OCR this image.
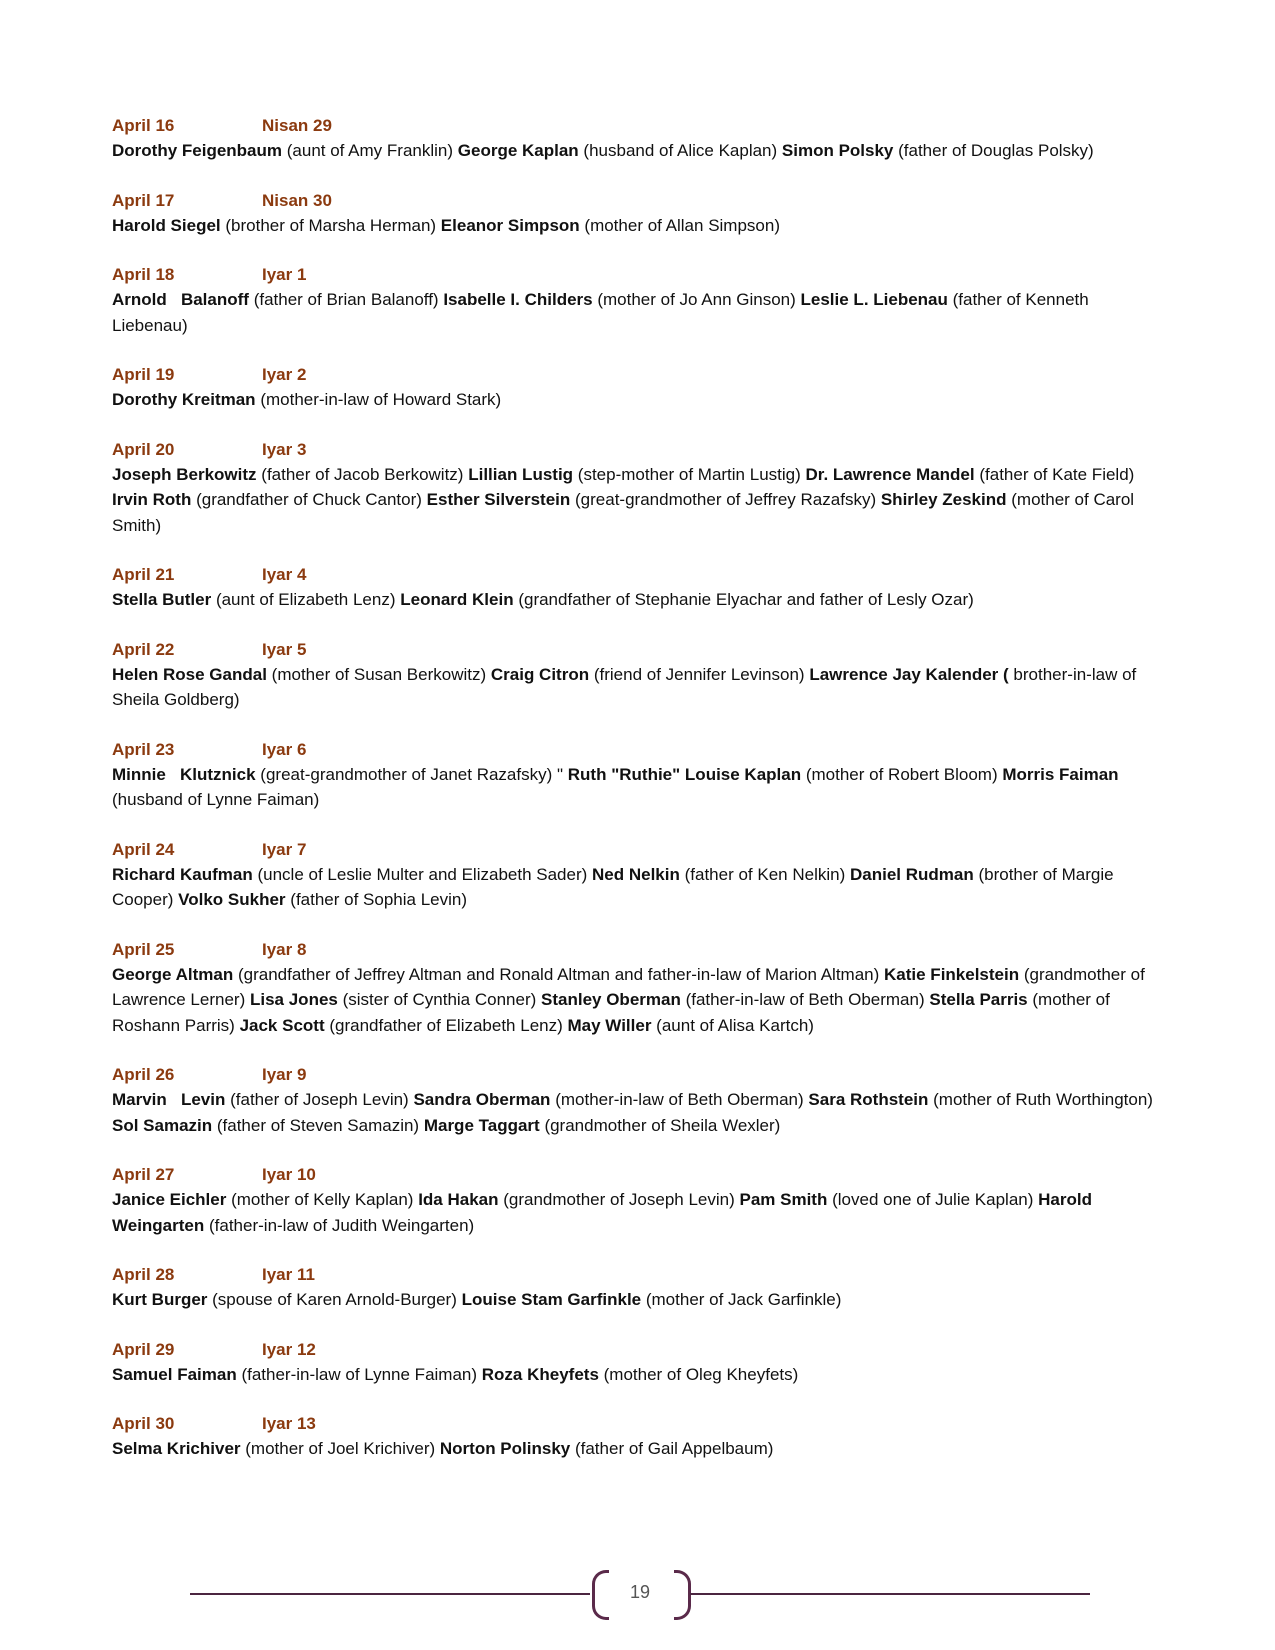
April 16	Nisan 29
Dorothy Feigenbaum (aunt of Amy Franklin) George Kaplan (husband of Alice Kaplan) Simon Polsky (father of Douglas Polsky)
April 17	Nisan 30
Harold Siegel (brother of Marsha Herman) Eleanor Simpson (mother of Allan Simpson)
April 18	Iyar 1
Arnold   Balanoff (father of Brian Balanoff) Isabelle I. Childers (mother of Jo Ann Ginson) Leslie L. Liebenau (father of Kenneth Liebenau)
April 19	Iyar 2
Dorothy Kreitman (mother-in-law of Howard Stark)
April 20	Iyar 3
Joseph Berkowitz (father of Jacob Berkowitz) Lillian Lustig (step-mother of Martin Lustig) Dr. Lawrence Mandel (father of Kate Field) Irvin Roth (grandfather of Chuck Cantor) Esther Silverstein (great-grandmother of Jeffrey Razafsky) Shirley Zeskind (mother of Carol Smith)
April 21	Iyar 4
Stella Butler (aunt of Elizabeth Lenz) Leonard Klein (grandfather of Stephanie Elyachar and father of Lesly Ozar)
April 22	Iyar 5
Helen Rose Gandal (mother of Susan Berkowitz) Craig Citron (friend of Jennifer Levinson) Lawrence Jay Kalender ( brother-in-law of Sheila Goldberg)
April 23	Iyar 6
Minnie   Klutznick (great-grandmother of Janet Razafsky) " Ruth "Ruthie" Louise Kaplan (mother of Robert Bloom) Morris Faiman  (husband of Lynne Faiman)
April 24	Iyar 7
Richard Kaufman (uncle of Leslie Multer and Elizabeth Sader) Ned Nelkin (father of Ken Nelkin) Daniel Rudman (brother of Margie Cooper) Volko Sukher (father of Sophia Levin)
April 25	Iyar 8
George Altman (grandfather of Jeffrey Altman and Ronald Altman and father-in-law of Marion Altman) Katie Finkelstein (grandmother of Lawrence Lerner) Lisa Jones (sister of Cynthia Conner) Stanley Oberman (father-in-law of Beth Oberman) Stella Parris (mother of Roshann Parris) Jack Scott (grandfather of Elizabeth Lenz) May Willer (aunt of Alisa Kartch)
April 26	Iyar 9
Marvin   Levin (father of Joseph Levin) Sandra Oberman (mother-in-law of Beth Oberman) Sara Rothstein (mother of Ruth Worthington) Sol Samazin (father of Steven Samazin) Marge Taggart (grandmother of Sheila Wexler)
April 27	Iyar 10
Janice Eichler (mother of Kelly Kaplan) Ida Hakan (grandmother of Joseph Levin) Pam Smith (loved one of Julie Kaplan) Harold Weingarten (father-in-law of Judith Weingarten)
April 28	Iyar 11
Kurt Burger (spouse of Karen Arnold-Burger) Louise Stam Garfinkle (mother of Jack Garfinkle)
April 29	Iyar 12
Samuel Faiman (father-in-law of Lynne Faiman) Roza Kheyfets (mother of Oleg Kheyfets)
April 30	Iyar 13
Selma Krichiver (mother of Joel Krichiver) Norton Polinsky (father of Gail Appelbaum)
19
